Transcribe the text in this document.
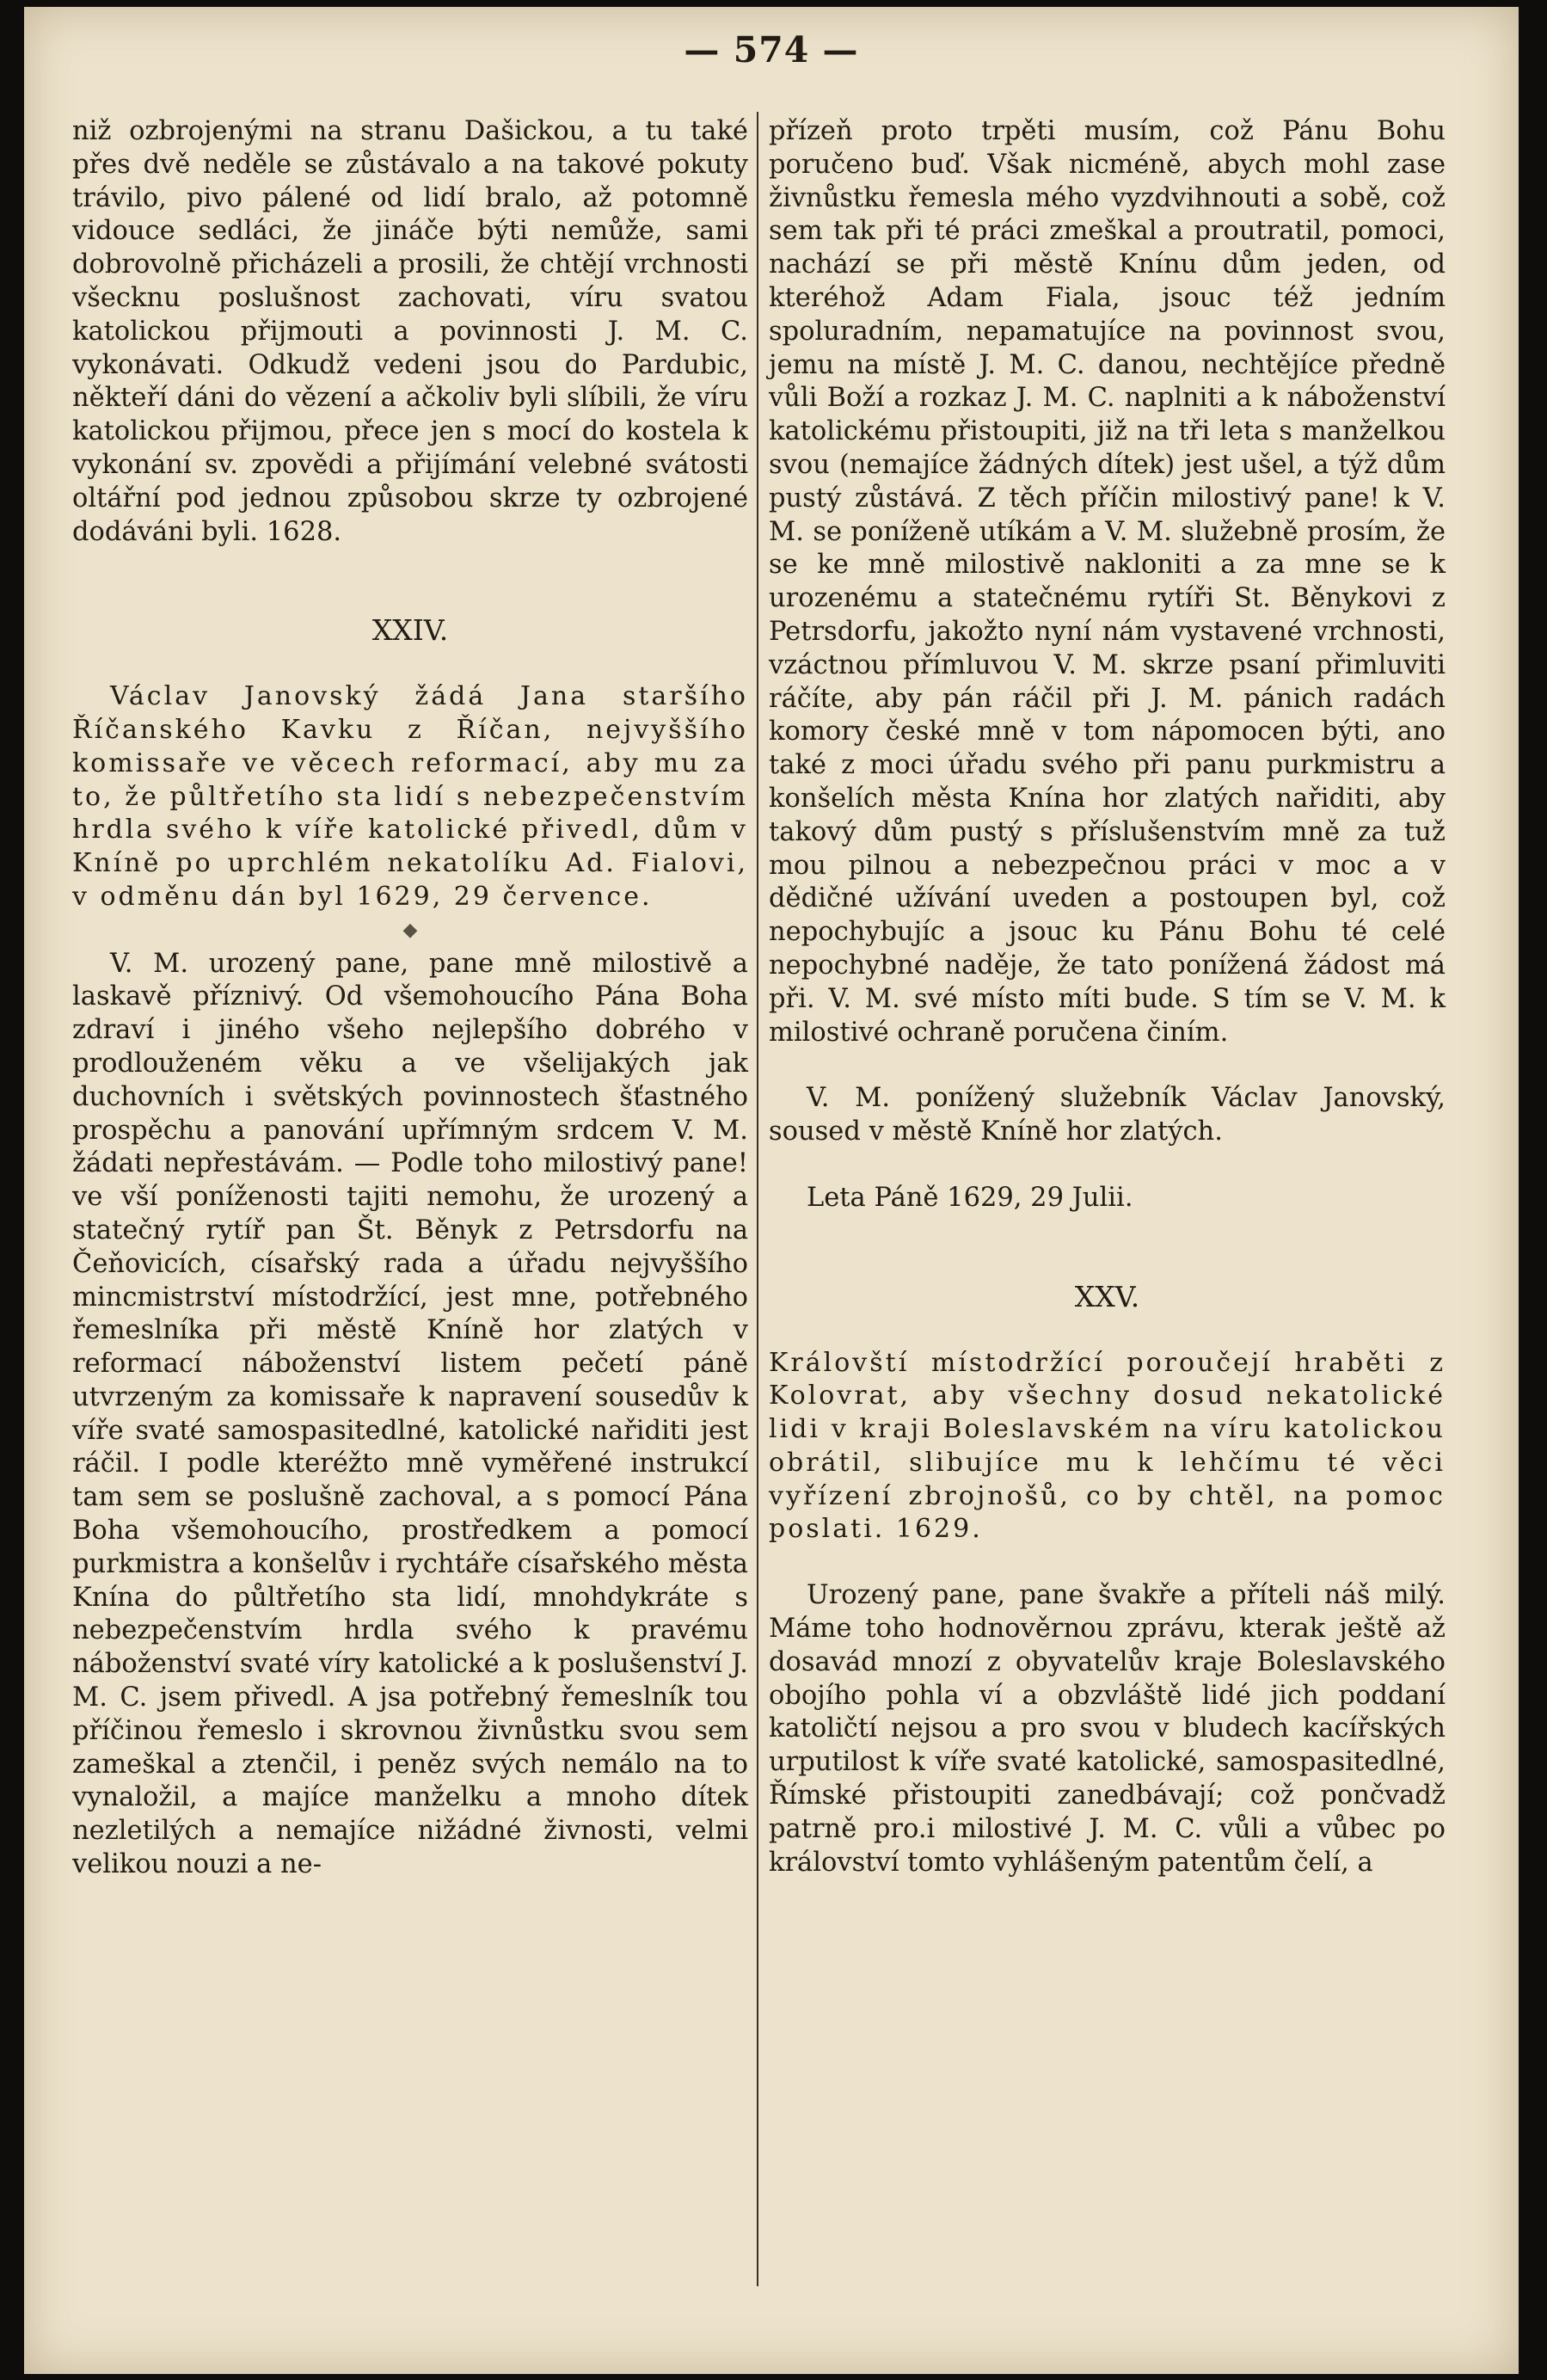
— 574 —

niž ozbrojenými na stranu Dašickou, a tu také přes dvě neděle se zůstávalo a na takové pokuty trávilo, pivo pálené od lidí bralo, až potomně vidouce sedláci, že jináče býti nemůže, sami dobrovolně přicházeli a prosili, že chtějí vrchnosti všecknu poslušnost zachovati, víru svatou katolickou přijmouti a povinnosti J. M. C. vykonávati. Odkudž vedeni jsou do Pardubic, někteří dáni do vězení a ačkoliv byli slíbili, že víru katolickou přijmou, přece jen s mocí do kostela k vykonání sv. zpovědi a přijímání velebné svátosti oltářní pod jednou způsobou skrze ty ozbrojené dodáváni byli. 1628.

XXIV.

Václav Janovský žádá Jana staršího Říčanského Kavku z Říčan, nejvyššího komissaře ve věcech reformací, aby mu za to, že půltřetího sta lidí s nebezpečenstvím hrdla svého k víře katolické přivedl, dům v Kníně po uprchlém nekatolíku Ad. Fialovi, v odměnu dán byl 1629, 29 července.

◆

V. M. urozený pane, pane mně milostivě a laskavě příznivý. Od všemohoucího Pána Boha zdraví i jiného všeho nejlepšího dobrého v prodlouženém věku a ve všelijakých jak duchovních i světských povinnostech šťastného prospěchu a panování upřímným srdcem V. M. žádati nepřestávám. — Podle toho milostivý pane! ve vší poníženosti tajiti nemohu, že urozený a statečný rytíř pan Št. Běnyk z Petrsdorfu na Čeňovicích, císařský rada a úřadu nejvyššího mincmistrství místodržící, jest mne, potřebného řemeslníka při městě Kníně hor zlatých v reformací náboženství listem pečetí páně utvrzeným za komissaře k napravení sousedův k víře svaté samospasitedlné, katolické nařiditi jest ráčil. I podle kteréžto mně vyměřené instrukcí tam sem se poslušně zachoval, a s pomocí Pána Boha všemohoucího, prostředkem a pomocí purkmistra a konšelův i rychtáře císařského města Knína do půltřetího sta lidí, mnohdykráte s nebezpečenstvím hrdla svého k pravému náboženství svaté víry katolické a k poslušenství J. M. C. jsem přivedl. A jsa potřebný řemeslník tou příčinou řemeslo i skrovnou živnůstku svou sem zameškal a ztenčil, i peněz svých nemálo na to vynaložil, a majíce manželku a mnoho dítek nezletilých a nemajíce nižádné živnosti, velmi velikou nouzi a ne-

přízeň proto trpěti musím, což Pánu Bohu poručeno buď. Však nicméně, abych mohl zase živnůstku řemesla mého vyzdvihnouti a sobě, což sem tak při té práci zmeškal a proutratil, pomoci, nachází se při městě Knínu dům jeden, od kteréhož Adam Fiala, jsouc též jedním spoluradním, nepamatujíce na povinnost svou, jemu na místě J. M. C. danou, nechtějíce předně vůli Boží a rozkaz J. M. C. naplniti a k náboženství katolickému přistoupiti, již na tři leta s manželkou svou (nemajíce žádných dítek) jest ušel, a týž dům pustý zůstává. Z těch příčin milostivý pane! k V. M. se poníženě utíkám a V. M. služebně prosím, že se ke mně milostivě nakloniti a za mne se k urozenému a statečnému rytíři St. Běnykovi z Petrsdorfu, jakožto nyní nám vystavené vrchnosti, vzáctnou přímluvou V. M. skrze psaní přimluviti ráčíte, aby pán ráčil při J. M. pánich radách komory české mně v tom nápomocen býti, ano také z moci úřadu svého při panu purkmistru a konšelích města Knína hor zlatých nařiditi, aby takový dům pustý s příslušenstvím mně za tuž mou pilnou a nebezpečnou práci v moc a v dědičné užívání uveden a postoupen byl, což nepochybujíc a jsouc ku Pánu Bohu té celé nepochybné naděje, že tato ponížená žádost má při. V. M. své místo míti bude. S tím se V. M. k milostivé ochraně poručena činím.

V. M. ponížený služebník Václav Janovský, soused v městě Kníně hor zlatých.

Leta Páně 1629, 29 Julii.

XXV.

Královští místodržící poroučejí hraběti z Kolovrat, aby všechny dosud nekatolické lidi v kraji Boleslavském na víru katolickou obrátil, slibujíce mu k lehčímu té věci vyřízení zbrojnošů, co by chtěl, na pomoc poslati. 1629.

Urozený pane, pane švakře a příteli náš milý. Máme toho hodnověrnou zprávu, kterak ještě až dosavád mnozí z obyvatelův kraje Boleslavského obojího pohla ví a obzvláště lidé jich poddaní katoličtí nejsou a pro svou v bludech kacířských urputilost k víře svaté katolické, samospasitedlné, Římské přistoupiti zanedbávají; což pončvadž patrně pro.i milostivé J. M. C. vůli a vůbec po království tomto vyhlášeným patentům čelí, a
